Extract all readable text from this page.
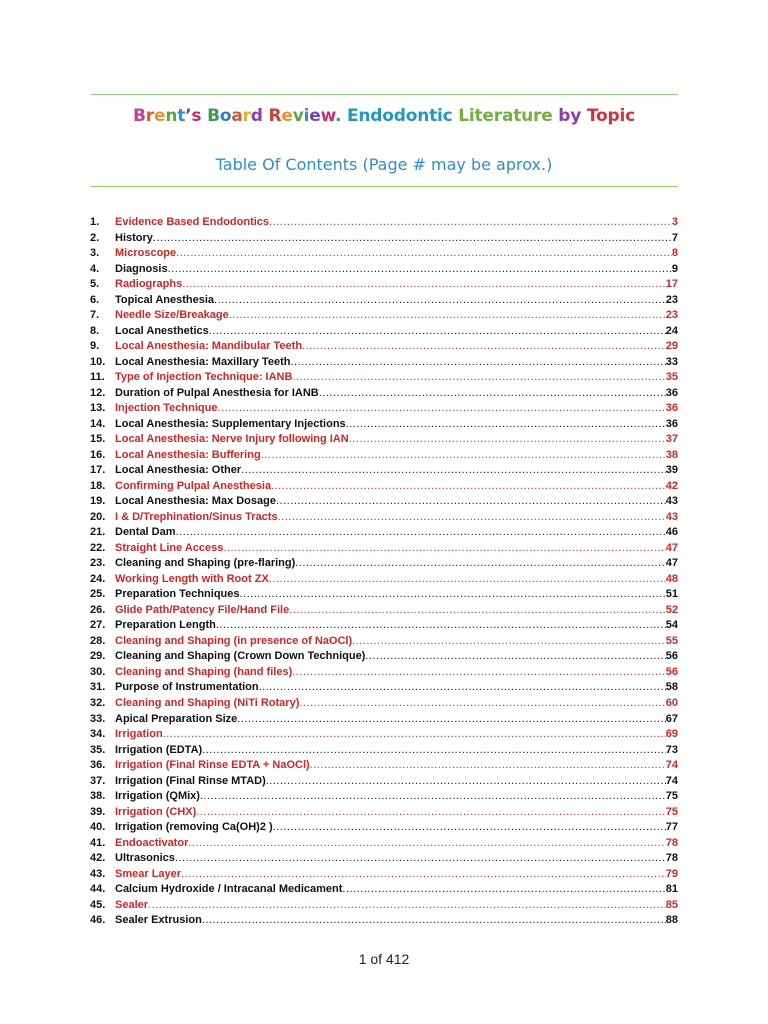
Brent’s Board Review. Endodontic Literature by Topic
Table Of Contents (Page # may be aprox.)
1.	Evidence Based Endodontics .....	3
2.	History .....	7
3.	Microscope .....	8
4.	Diagnosis .....	9
5.	Radiographs .....	17
6.	Topical Anesthesia .....	23
7.	Needle Size/Breakage .....	23
8.	Local Anesthetics .....	24
9.	Local Anesthesia: Mandibular Teeth .....	29
10. Local Anesthesia: Maxillary Teeth .....	33
11. Type of Injection Technique: IANB .....	35
12. Duration of Pulpal Anesthesia for IANB .....	36
13. Injection Technique .....	36
14. Local Anesthesia: Supplementary Injections .....	36
15. Local Anesthesia: Nerve Injury following IAN .....	37
16. Local Anesthesia: Buffering .....	38
17. Local Anesthesia: Other .....	39
18. Confirming Pulpal Anesthesia .....	42
19. Local Anesthesia: Max Dosage .....	43
20. I & D/Trephination/Sinus Tracts .....	43
21. Dental Dam .....	46
22. Straight Line Access .....	47
23. Cleaning and Shaping (pre-flaring) .....	47
24. Working Length with Root ZX .....	48
25. Preparation Techniques .....	51
26. Glide Path/Patency File/Hand File .....	52
27. Preparation Length .....	54
28. Cleaning and Shaping (in presence of NaOCl) .....	55
29. Cleaning and Shaping (Crown Down Technique) .....	56
30. Cleaning and Shaping (hand files) .....	56
31. Purpose of Instrumentation .....	58
32. Cleaning and Shaping (NiTi Rotary) .....	60
33. Apical Preparation Size .....	67
34. Irrigation .....	69
35. Irrigation (EDTA) .....	73
36. Irrigation (Final Rinse EDTA + NaOCl) .....	74
37. Irrigation (Final Rinse MTAD) .....	74
38. Irrigation (QMix) .....	75
39. Irrigation (CHX) .....	75
40. Irrigation (removing Ca(OH)2 ) .....	77
41. Endoactivator .....	78
42. Ultrasonics .....	78
43. Smear Layer .....	79
44. Calcium Hydroxide / Intracanal Medicament .....	81
45. Sealer .....	85
46. Sealer Extrusion .....	88
1 of 412
